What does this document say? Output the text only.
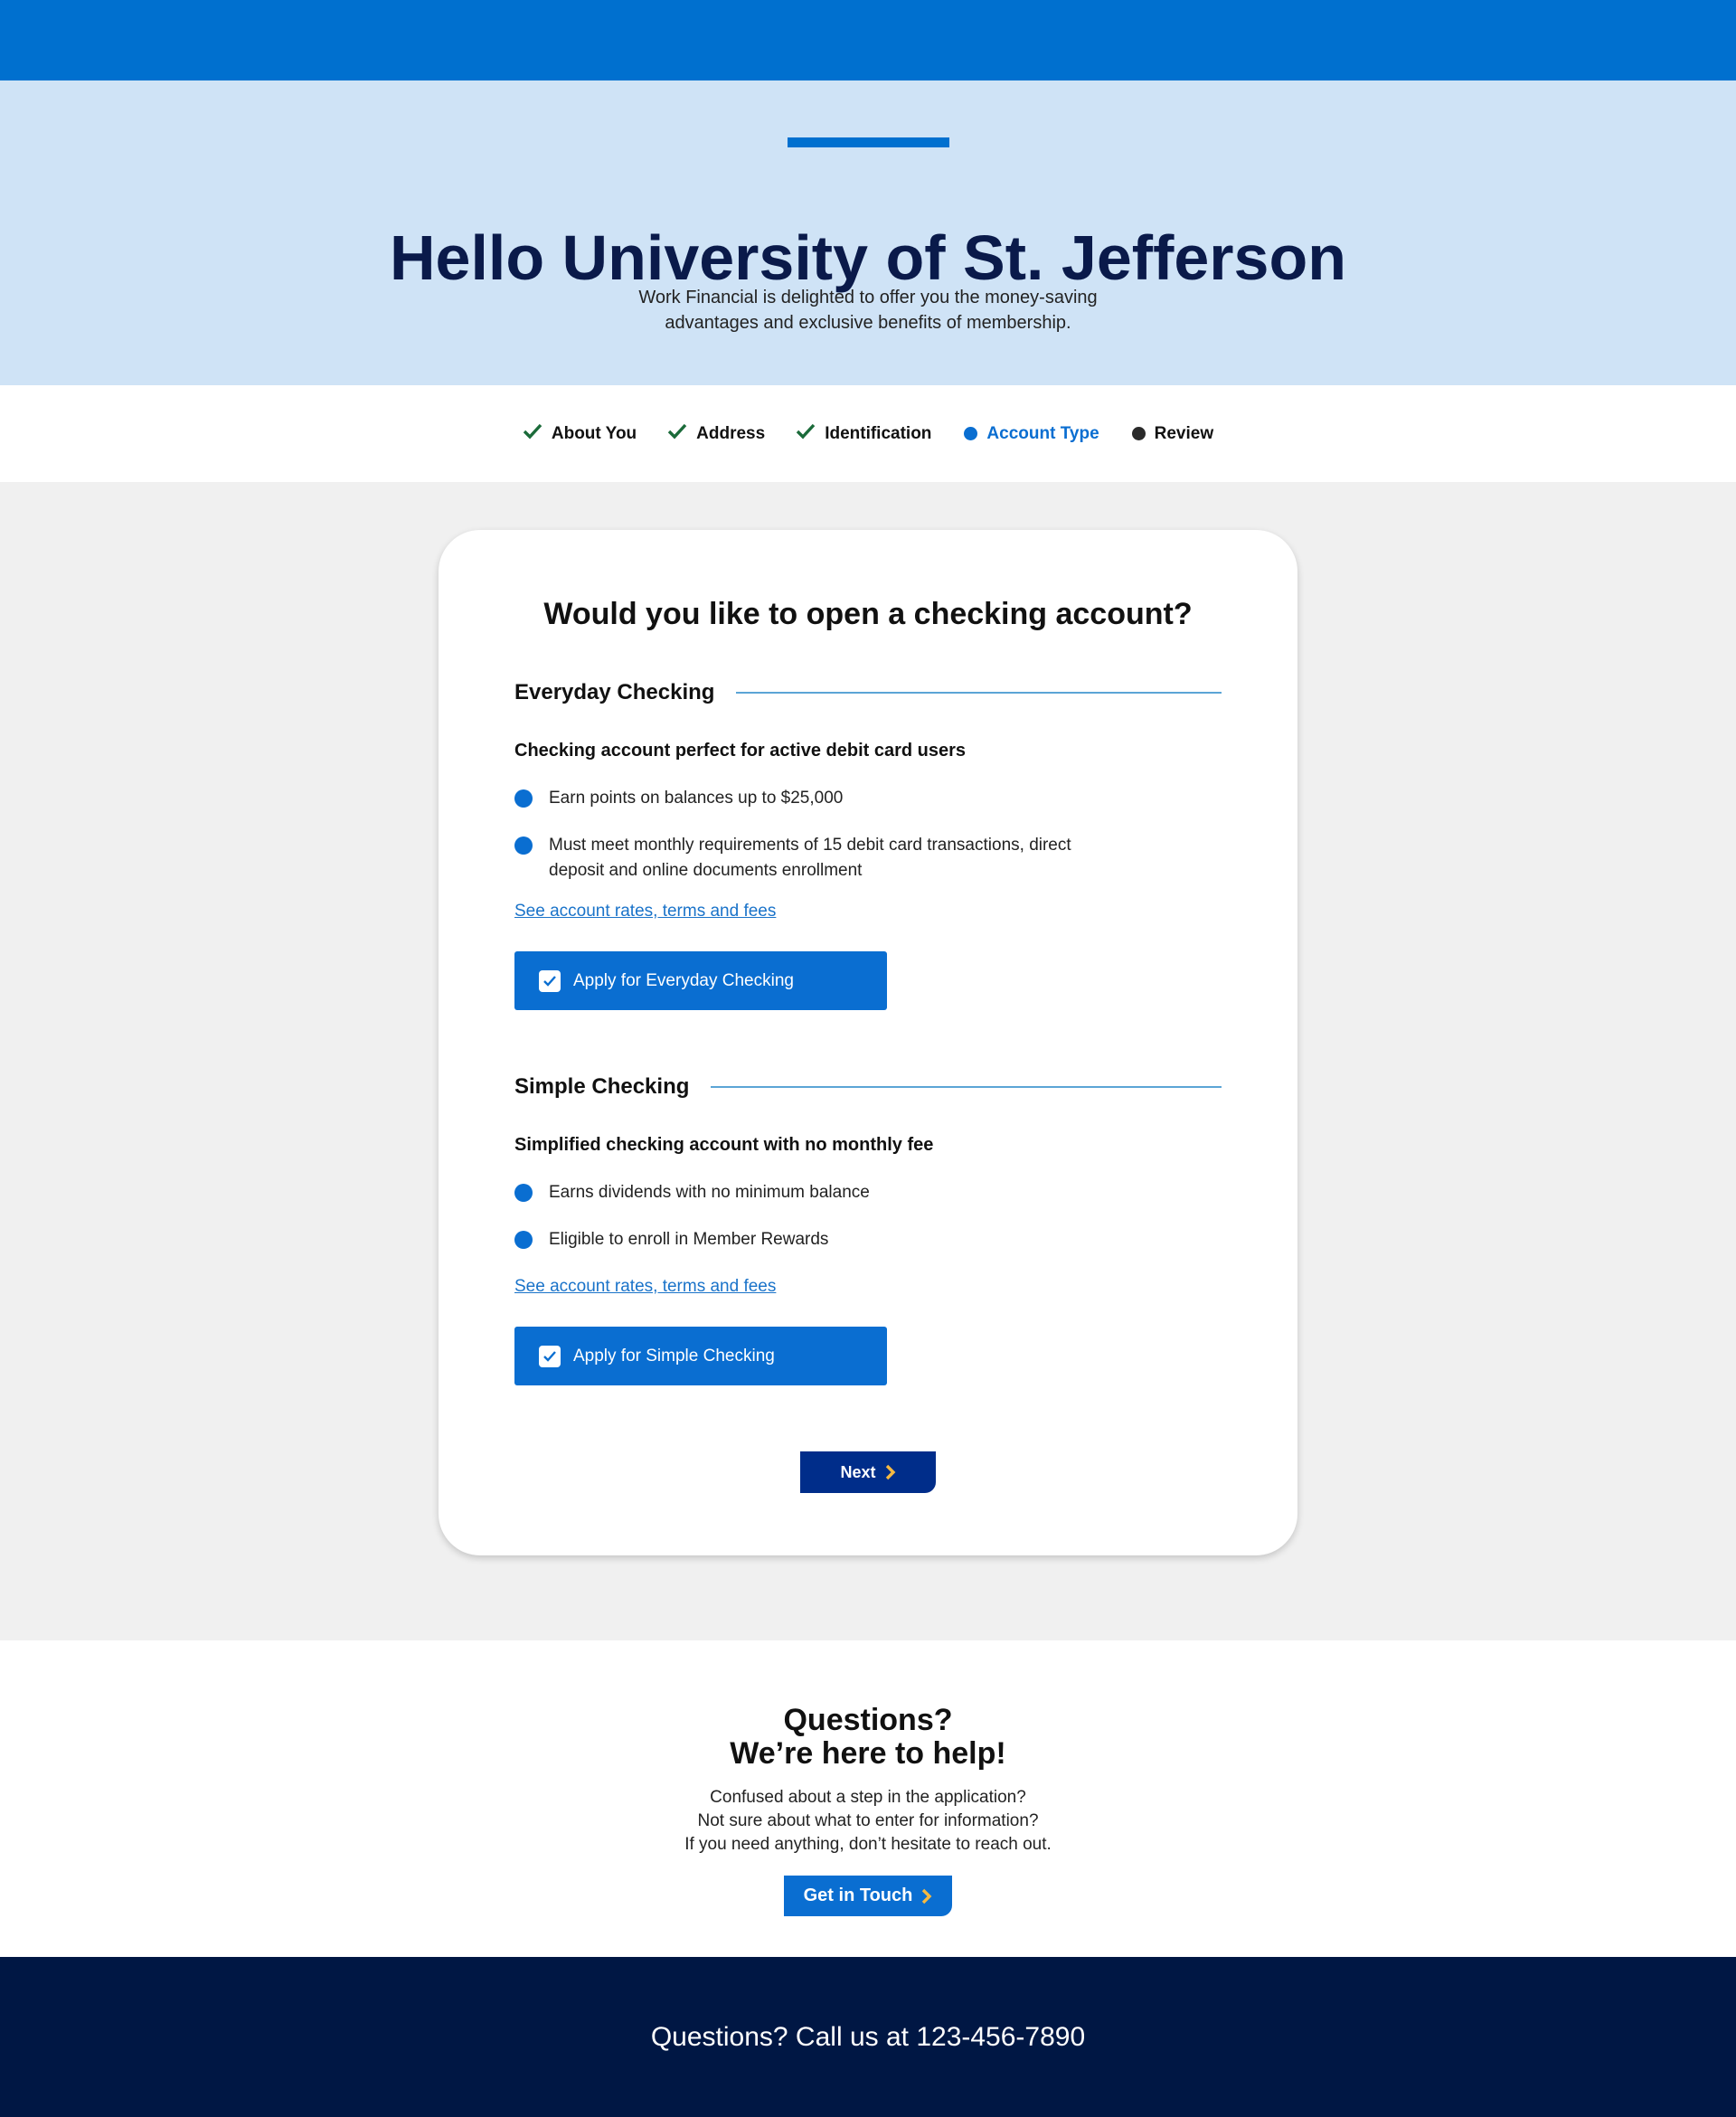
Hello University of St. Jefferson
Work Financial is delighted to offer you the money-saving
advantages and exclusive benefits of membership.
About You	Address	Identification	Account Type	Review
Would you like to open a checking account?
Everyday Checking
Checking account perfect for active debit card users
Earn points on balances up to $25,000
Must meet monthly requirements of 15 debit card transactions, direct deposit and online documents enrollment
See account rates, terms and fees
Apply for Everyday Checking
Simple Checking
Simplified checking account with no monthly fee
Earns dividends with no minimum balance
Eligible to enroll in Member Rewards
See account rates, terms and fees
Apply for Simple Checking
Next
Questions?
We’re here to help!
Confused about a step in the application?
Not sure about what to enter for information?
If you need anything, don’t hesitate to reach out.
Get in Touch
Questions? Call us at 123-456-7890
